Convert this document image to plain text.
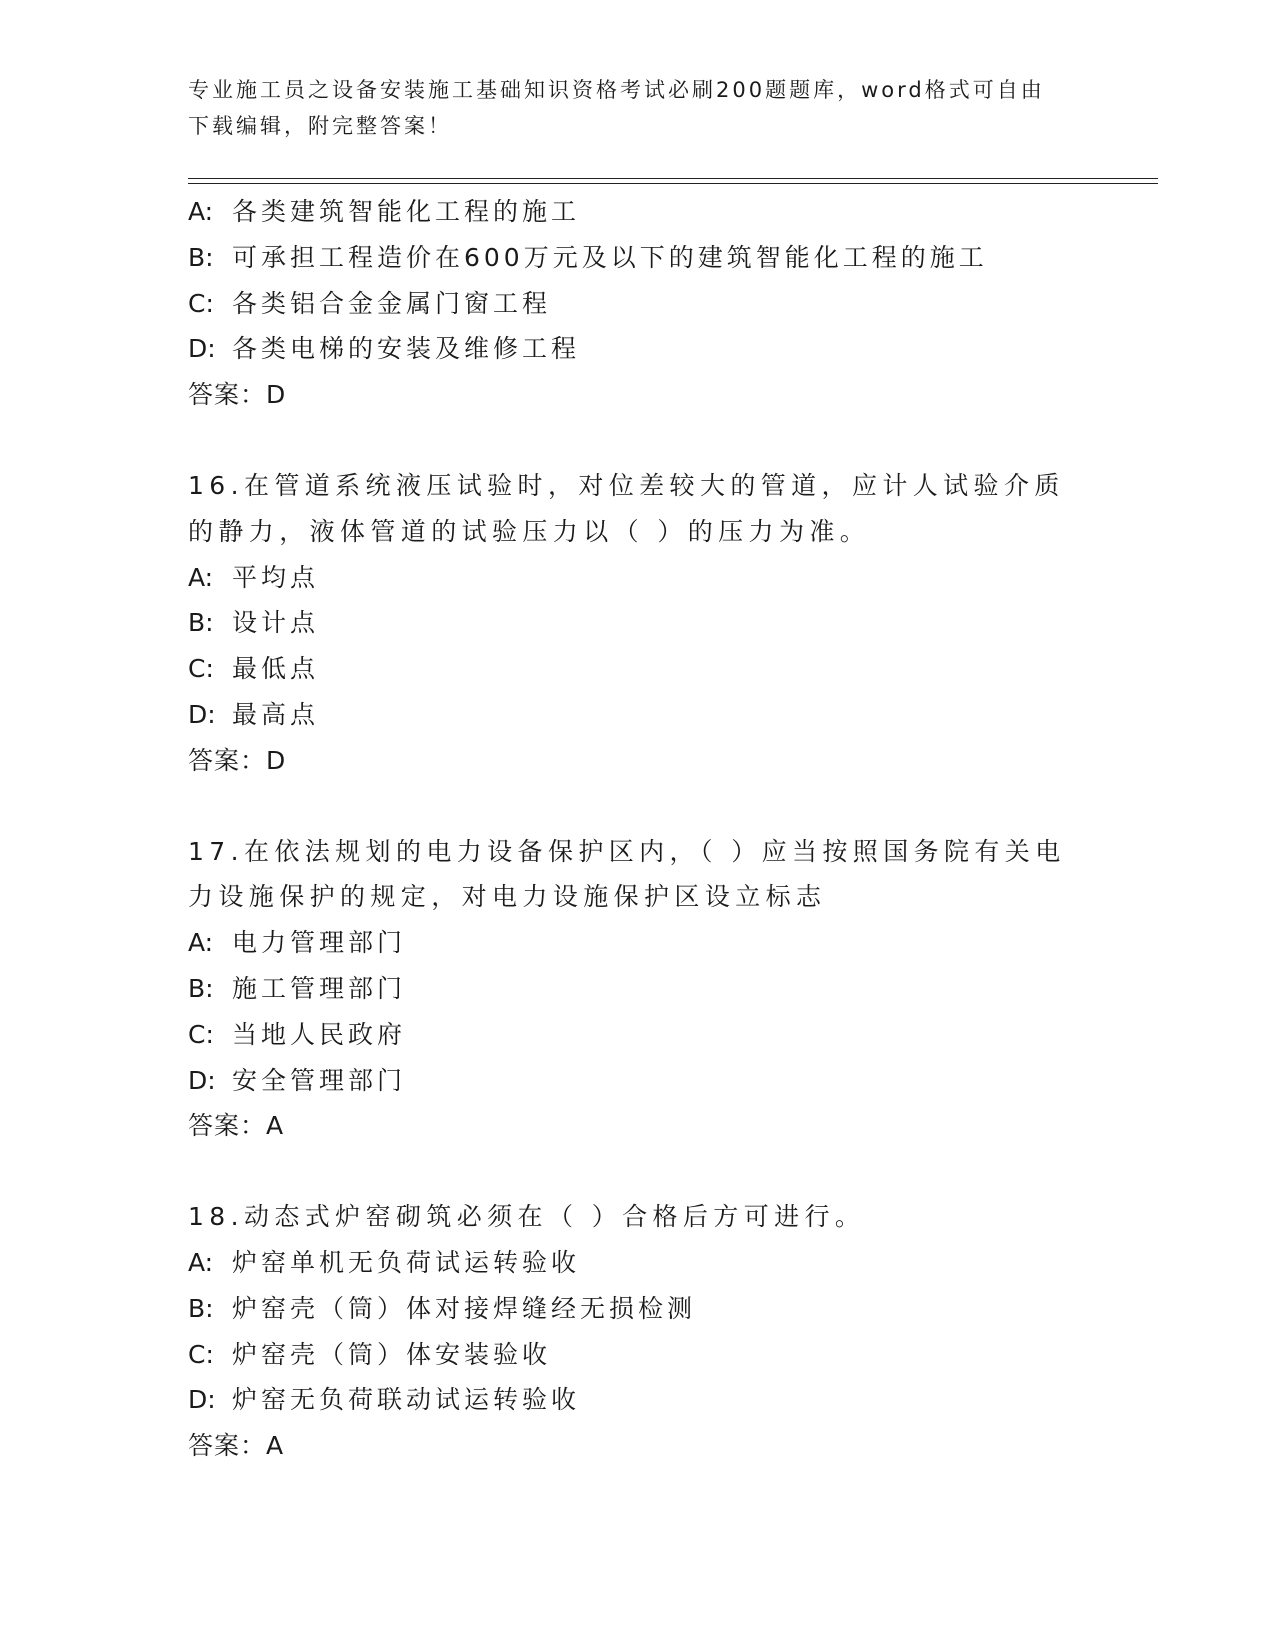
专业施工员之设备安装施工基础知识资格考试必刷200题题库，word格式可自由下载编辑，附完整答案！
A: 各类建筑智能化工程的施工
B: 可承担工程造价在600万元及以下的建筑智能化工程的施工
C: 各类铝合金金属门窗工程
D: 各类电梯的安装及维修工程
答案：D
16.在管道系统液压试验时，对位差较大的管道，应计人试验介质的静力，液体管道的试验压力以（ ）的压力为准。
A: 平均点
B: 设计点
C: 最低点
D: 最高点
答案：D
17.在依法规划的电力设备保护区内，（ ）应当按照国务院有关电力设施保护的规定，对电力设施保护区设立标志
A: 电力管理部门
B: 施工管理部门
C: 当地人民政府
D: 安全管理部门
答案：A
18.动态式炉窑砌筑必须在（ ）合格后方可进行。
A: 炉窑单机无负荷试运转验收
B: 炉窑壳（筒）体对接焊缝经无损检测
C: 炉窑壳（筒）体安装验收
D: 炉窑无负荷联动试运转验收
答案：A
